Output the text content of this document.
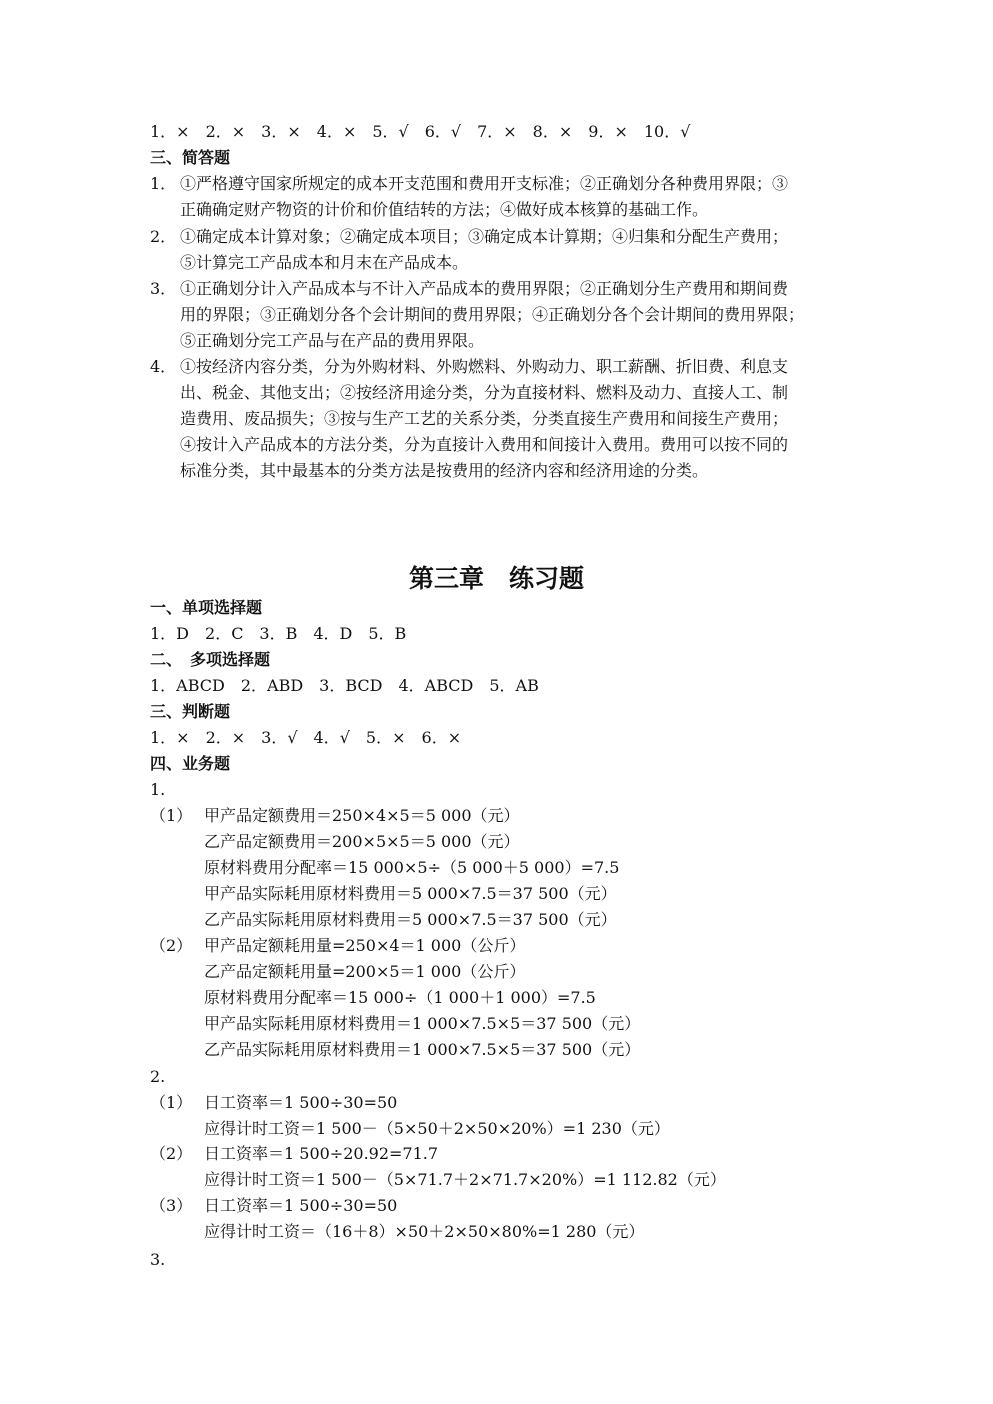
1．×　2．×　3．×　4．×　5．√　6．√　7．×　8．×　9．×　10．√
三、简答题
1． ①严格遵守国家所规定的成本开支范围和费用开支标准；②正确划分各种费用界限；③
正确确定财产物资的计价和价值结转的方法；④做好成本核算的基础工作。
2． ①确定成本计算对象；②确定成本项目；③确定成本计算期；④归集和分配生产费用；
⑤计算完工产品成本和月末在产品成本。
3． ①正确划分计入产品成本与不计入产品成本的费用界限；②正确划分生产费用和期间费
用的界限；③正确划分各个会计期间的费用界限；④正确划分各个会计期间的费用界限；
⑤正确划分完工产品与在产品的费用界限。
4． ①按经济内容分类，分为外购材料、外购燃料、外购动力、职工薪酬、折旧费、利息支
出、税金、其他支出；②按经济用途分类，分为直接材料、燃料及动力、直接人工、制
造费用、废品损失；③按与生产工艺的关系分类，分类直接生产费用和间接生产费用；
④按计入产品成本的方法分类，分为直接计入费用和间接计入费用。费用可以按不同的
标准分类，其中最基本的分类方法是按费用的经济内容和经济用途的分类。
第三章　练习题
一、单项选择题
1．D　2．C　3．B　4．D　5．B
二、　多项选择题
1．ABCD　2．ABD　3．BCD　4．ABCD　5．AB
三、判断题
1．×　2．×　3．√　4．√　5．×　6．×
四、业务题
1.
（1） 甲产品定额费用＝250×4×5＝5 000（元）
乙产品定额费用＝200×5×5＝5 000（元）
原材料费用分配率＝15 000×5÷（5 000＋5 000）=7.5
甲产品实际耗用原材料费用＝5 000×7.5＝37 500（元）
乙产品实际耗用原材料费用＝5 000×7.5＝37 500（元）
（2） 甲产品定额耗用量=250×4＝1 000（公斤）
乙产品定额耗用量=200×5＝1 000（公斤）
原材料费用分配率＝15 000÷（1 000＋1 000）=7.5
甲产品实际耗用原材料费用＝1 000×7.5×5＝37 500（元）
乙产品实际耗用原材料费用＝1 000×7.5×5＝37 500（元）
2.
（1） 日工资率＝1 500÷30=50
应得计时工资＝1 500－（5×50＋2×50×20%）=1 230（元）
（2） 日工资率＝1 500÷20.92=71.7
应得计时工资＝1 500－（5×71.7＋2×71.7×20%）=1 112.82（元）
（3） 日工资率＝1 500÷30=50
应得计时工资＝（16＋8）×50＋2×50×80%=1 280（元）
3.
